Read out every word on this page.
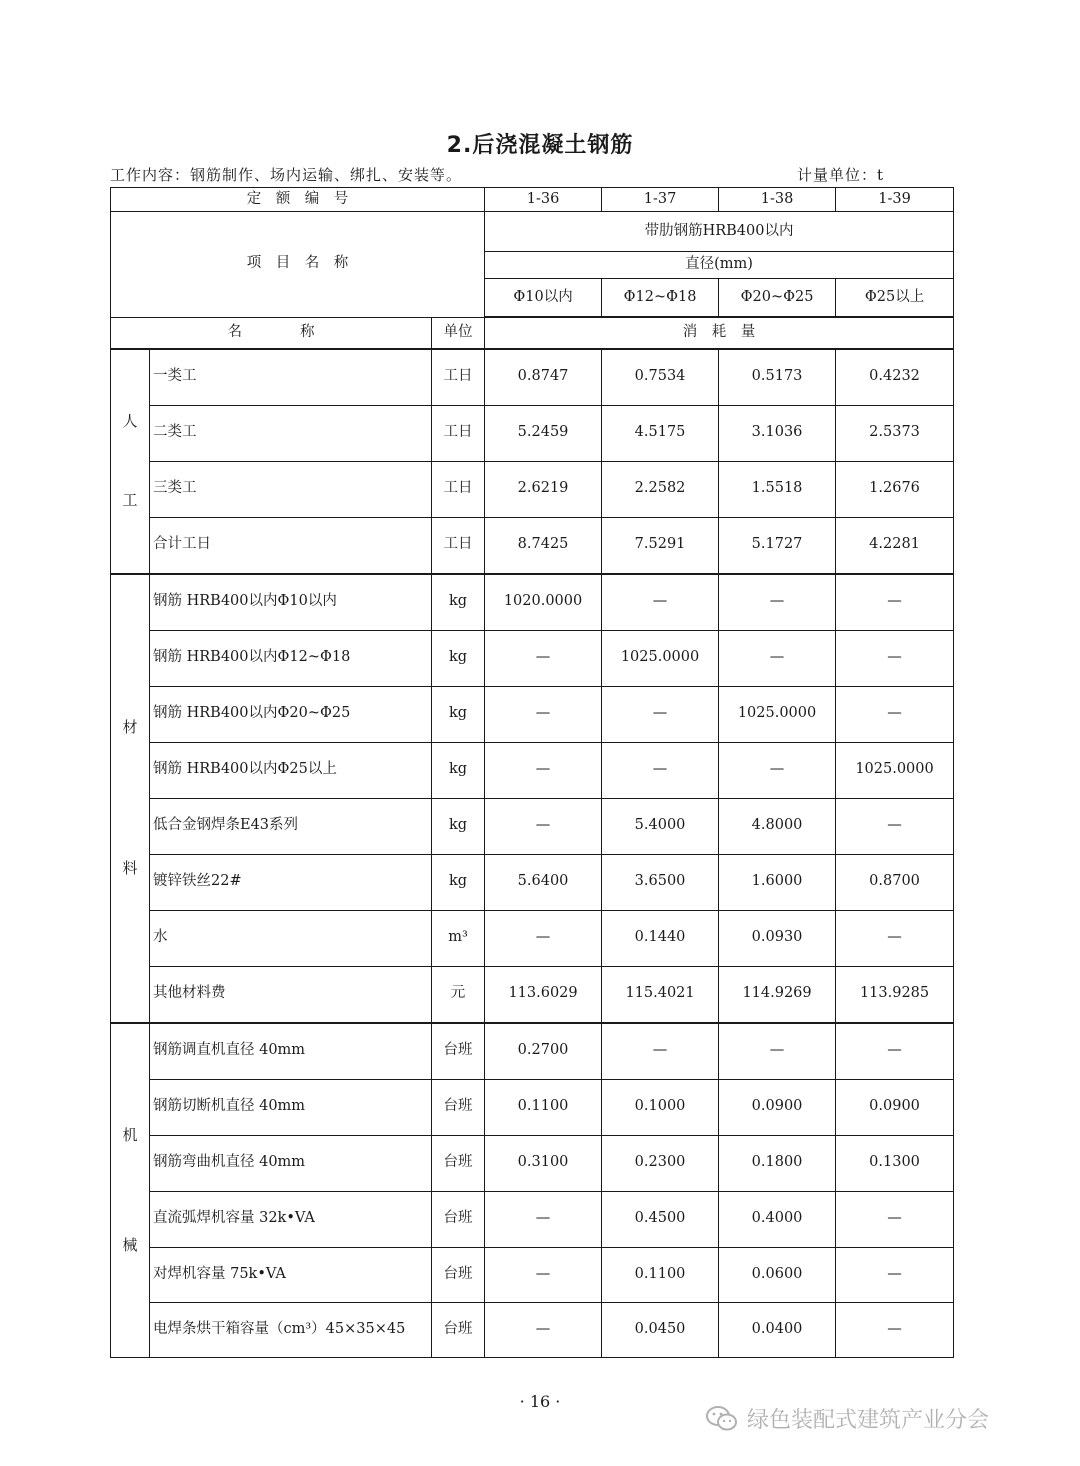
2.后浇混凝土钢筋
工作内容：钢筋制作、场内运输、绑扎、安装等。	计量单位：t
定　额　编　号			1-36	1-37	1-38	1-39
项　目　名　称			带肋钢筋HRB400以内			
			直径(mm)			
			Φ10以内	Φ12~Φ18	Φ20~Φ25	Φ25以上
名　　　　称		单位	消　耗　量			

人
工	一类工	工日	0.8747	0.7534	0.5173	0.4232
	二类工	工日	5.2459	4.5175	3.1036	2.5373
	三类工	工日	2.6219	2.2582	1.5518	1.2676
	合计工日	工日	8.7425	7.5291	5.1727	4.2281

材
料	钢筋 HRB400以内Φ10以内	kg	1020.0000	—	—	—
	钢筋 HRB400以内Φ12~Φ18	kg	—	1025.0000	—	—
	钢筋 HRB400以内Φ20~Φ25	kg	—	—	1025.0000	—
	钢筋 HRB400以内Φ25以上	kg	—	—	—	1025.0000
	低合金钢焊条E43系列	kg	—	5.4000	4.8000	—
	镀锌铁丝22#	kg	5.6400	3.6500	1.6000	0.8700
	水	m³	—	0.1440	0.0930	—
	其他材料费	元	113.6029	115.4021	114.9269	113.9285

机
械	钢筋调直机直径 40mm	台班	0.2700	—	—	—
	钢筋切断机直径 40mm	台班	0.1100	0.1000	0.0900	0.0900
	钢筋弯曲机直径 40mm	台班	0.3100	0.2300	0.1800	0.1300
	直流弧焊机容量 32k•VA	台班	—	0.4500	0.4000	—
	对焊机容量 75k•VA	台班	—	0.1100	0.0600	—
	电焊条烘干箱容量（cm³）45×35×45	台班	—	0.0450	0.0400	—
· 16 ·
绿色装配式建筑产业分会
